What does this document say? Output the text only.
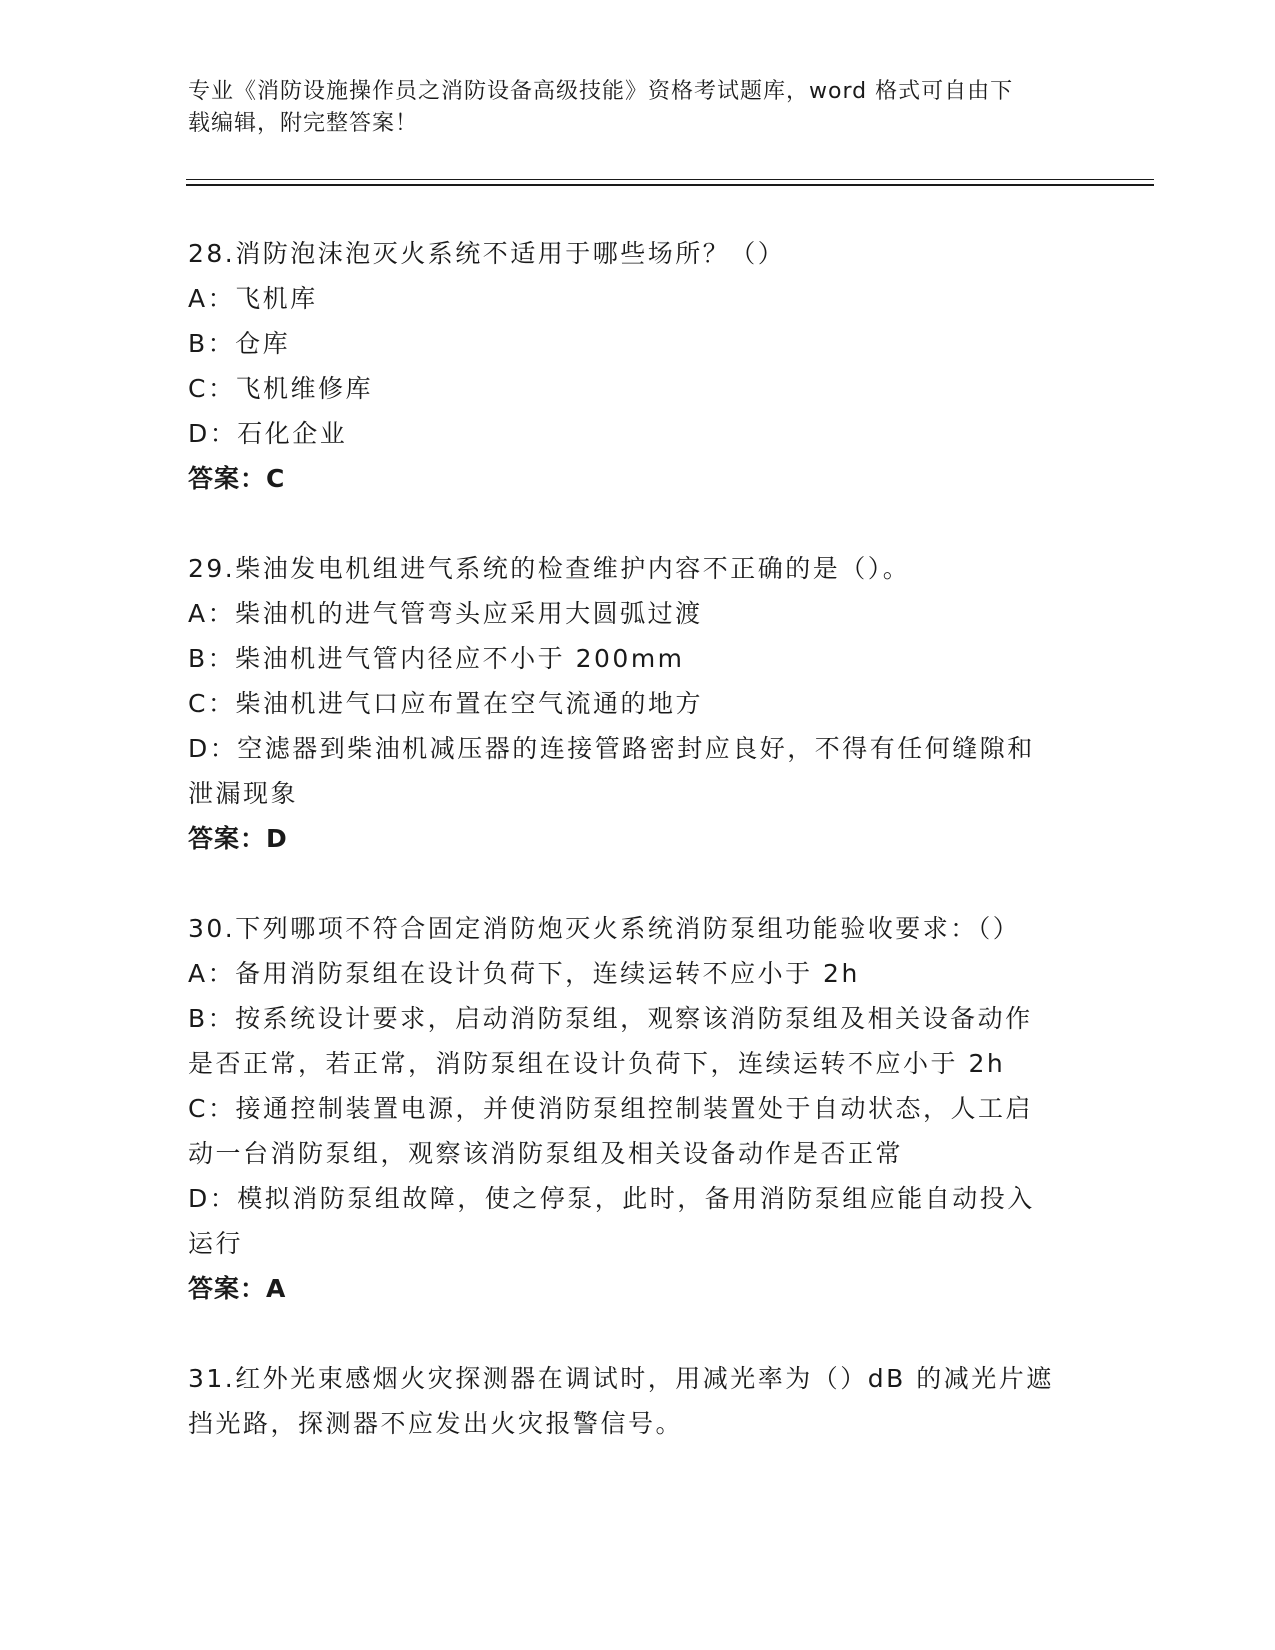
专业《消防设施操作员之消防设备高级技能》资格考试题库，word 格式可自由下
载编辑，附完整答案！
28.消防泡沫泡灭火系统不适用于哪些场所？（）
A：飞机库
B：仓库
C：飞机维修库
D：石化企业
答案：C
29.柴油发电机组进气系统的检查维护内容不正确的是（）。
A：柴油机的进气管弯头应采用大圆弧过渡
B：柴油机进气管内径应不小于 200mm
C：柴油机进气口应布置在空气流通的地方
D：空滤器到柴油机减压器的连接管路密封应良好，不得有任何缝隙和
泄漏现象
答案：D
30.下列哪项不符合固定消防炮灭火系统消防泵组功能验收要求：（）
A：备用消防泵组在设计负荷下，连续运转不应小于 2h
B：按系统设计要求，启动消防泵组，观察该消防泵组及相关设备动作
是否正常，若正常，消防泵组在设计负荷下，连续运转不应小于 2h
C：接通控制装置电源，并使消防泵组控制装置处于自动状态，人工启
动一台消防泵组，观察该消防泵组及相关设备动作是否正常
D：模拟消防泵组故障，使之停泵，此时，备用消防泵组应能自动投入
运行
答案：A
31.红外光束感烟火灾探测器在调试时，用减光率为（）dB 的减光片遮
挡光路，探测器不应发出火灾报警信号。
